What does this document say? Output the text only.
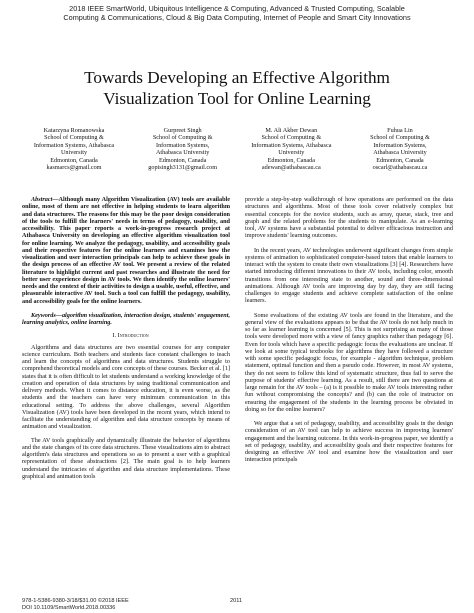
2018 IEEE SmartWorld, Ubiquitous Intelligence & Computing, Advanced & Trusted Computing, Scalable
Computing & Communications, Cloud & Big Data Computing, Internet of People and Smart City Innovations
Towards Developing an Effective Algorithm
Visualization Tool for Online Learning
Katarzyna Romanowska
School of Computing &
Information Systems, Athabasca
University
Edmonton, Canada
kasmarcs@gmail.com
Gurpreet Singh
School of Computing &
Information Systems,
Athabasca University
Edmonton, Canada
gopisingh3131@gmail.com
M. Ali Akber Dewan
School of Computing &
Information Systems, Athabasca
University
Edmonton, Canada
adewan@athabascau.ca
Fuhua Lin
School of Computing &
Information Systems,
Athabasca University
Edmonton, Canada
oscarl@athabascau.ca

Abstract—Although many Algorithm Visualization (AV) tools are available online, most of them are not effective in helping students to learn algorithm and data structures. The reasons for this may be the poor design consideration of the tools to fulfill the learners' needs in terms of pedagogy, usability, and accessibility. This paper reports a work-in-progress research project at Athabasca University on developing an effective algorithm visualization tool for online learning. We analyze the pedagogy, usability, and accessibility goals and their respective features for the online learners and examines how the visualization and user interaction principals can help to achieve these goals in the design process of an effective AV tool. We present a review of the related literature to highlight current and past researches and illustrate the need for better user experience design in AV tools. We then identify the online learners' needs and the context of their activities to design a usable, useful, effective, and pleasurable interactive AV tool. Such a tool can fulfill the pedagogy, usability, and accessibility goals for the online learners.

Keywords—algorithm visualization, interaction design, students' engagement, learning analytics, online learning.

I. Introduction

Algorithms and data structures are two essential courses for any computer science curriculum. Both teachers and students face constant challenges to teach and learn the concepts of algorithms and data structures. Students struggle to comprehend theoretical models and core concepts of these courses. Becker et al. [1] states that it is often difficult to let students understand a working knowledge of the creation and operation of data structures by using traditional communication and delivery methods. When it comes to distance education, it is even worse, as the students and the teachers can have very minimum communication in this educational setting. To address the above challenges, several Algorithm Visualization (AV) tools have been developed in the recent years, which intend to facilitate the understanding of algorithm and data structure concepts by means of animation and visualization.

The AV tools graphically and dynamically illustrate the behavior of algorithms and the state changes of its core data structures. These visualizations aim to abstract algorithm's data structures and operations so as to present a user with a graphical representation of these abstractions [2]. The main goal is to help learners understand the intricacies of algorithm and data structure implementations. These graphical and animation tools

provide a step-by-step walkthrough of how operations are performed on the data structures and algorithms. Most of these tools cover relatively complex but essential concepts for the novice students, such as array, queue, stack, tree and graph and the related problems for the students to manipulate. As an e-learning tool, AV systems have a substantial potential to deliver efficacious instruction and improve students' learning outcomes.

In the recent years, AV technologies underwent significant changes from simple systems of animation to sophisticated computer-based tutors that enable learners to interact with the system to create their own visualizations [3] [4]. Researchers have started introducing different innovations to their AV tools, including color, smooth transitions from one interesting state to another, sound and three-dimensional animations. Although AV tools are improving day by day, they are still facing challenges to engage students and achieve complete satisfaction of the online learners.

Some evaluations of the existing AV tools are found in the literature, and the general view of the evaluations appears to be that the AV tools do not help much in so far as learner learning is concerned [5]. This is not surprising as many of those tools were developed more with a view of fancy graphics rather than pedagogy [6]. Even for tools which have a specific pedagogic focus the evaluations are unclear. If we look at some typical textbooks for algorithms they have followed a structure with some specific pedagogic focus, for example - algorithm technique, problem statement, optimal function and then a pseudo code. However, in most AV systems, they do not seem to follow this kind of systematic structure, thus fail to serve the purpose of students' effective learning. As a result, still there are two questions at large remain for the AV tools – (a) is it possible to make AV tools interesting rather fun without compromising the concepts? and (b) can the role of instructor on ensuring the engagement of the students in the learning process be obviated in doing so for the online learners?

We argue that a set of pedagogy, usability, and accessibility goals in the design consideration of an AV tool can help to achieve success in improving learners' engagement and the learning outcome. In this work-in-progress paper, we identify a set of pedagogy, usability, and accessibility goals and their respective features for designing an effective AV tool and examine how the visualization and user interaction principals

978-1-5386-9380-3/18/$31.00 ©2018 IEEE
DOI 10.1109/SmartWorld.2018.00336
2011
